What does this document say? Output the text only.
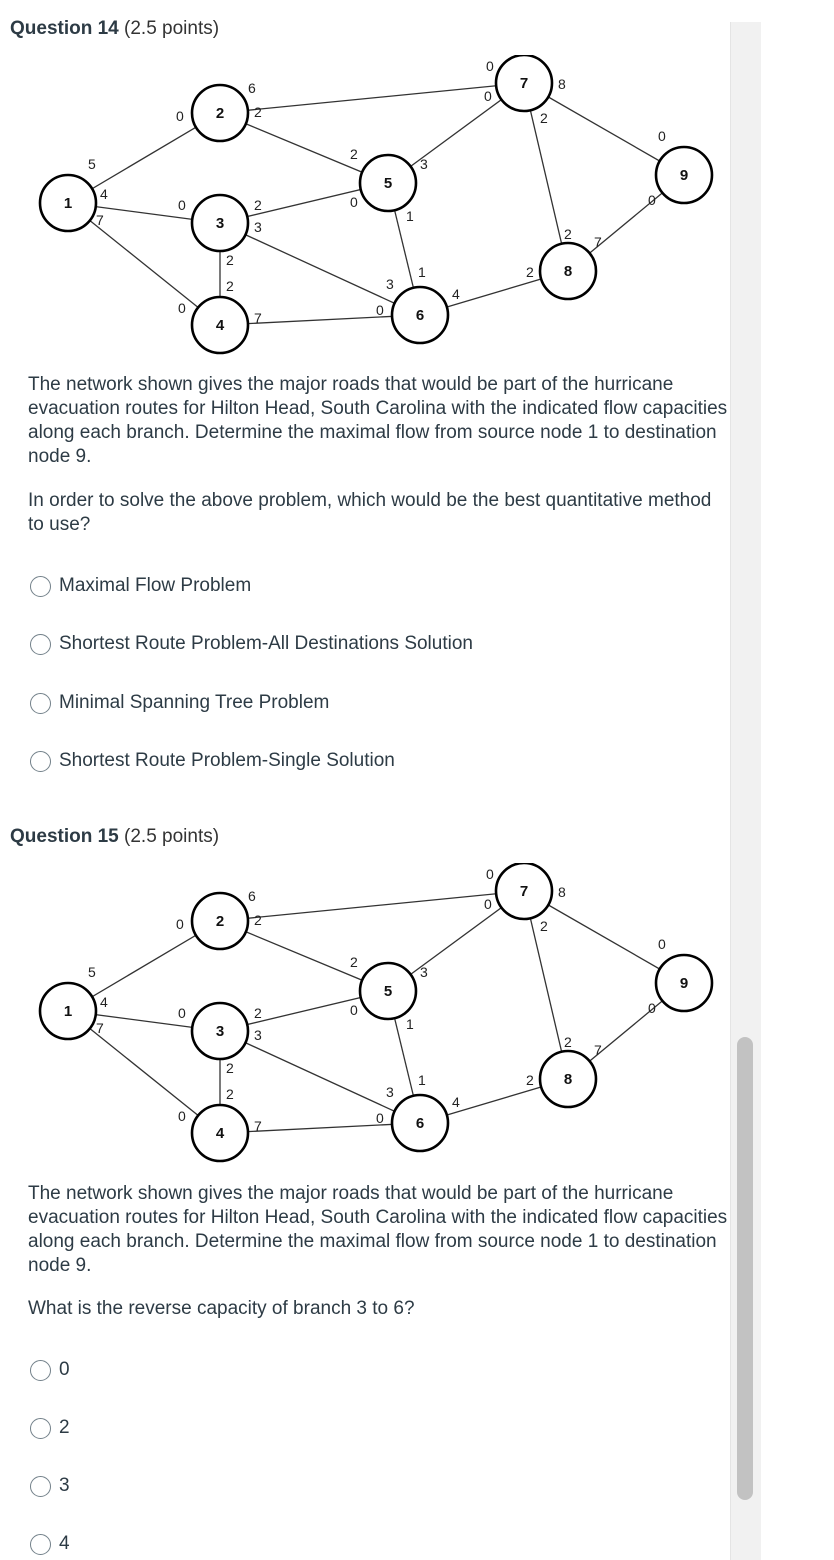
Question 14 (2.5 points)
5
0
4
0
7
0
6
2
2
3
2
2
7	0
2
0
3
1
1
4
3
0
0
0
8
2
2
2
7
0
1
2
3
4
5
6
7
8
9
The network shown gives the major roads that would be part of the hurricane evacuation routes for Hilton Head, South Carolina with the indicated flow capacities along each branch. Determine the maximal flow from source node 1 to destination node 9.
In order to solve the above problem, which would be the best quantitative method to use?
Maximal Flow Problem
Shortest Route Problem-All Destinations Solution
Minimal Spanning Tree Problem
Shortest Route Problem-Single Solution
Question 15 (2.5 points)
5
0
4
0
7
0
6
2
2
3
2
2
7	0
2
0
3
1
1
4
3
0
0
0
8
2
2
2
7
0
1
2
3
4
5
6
7
8
9
The network shown gives the major roads that would be part of the hurricane evacuation routes for Hilton Head, South Carolina with the indicated flow capacities along each branch. Determine the maximal flow from source node 1 to destination node 9.
What is the reverse capacity of branch 3 to 6?
0
2
3
4
